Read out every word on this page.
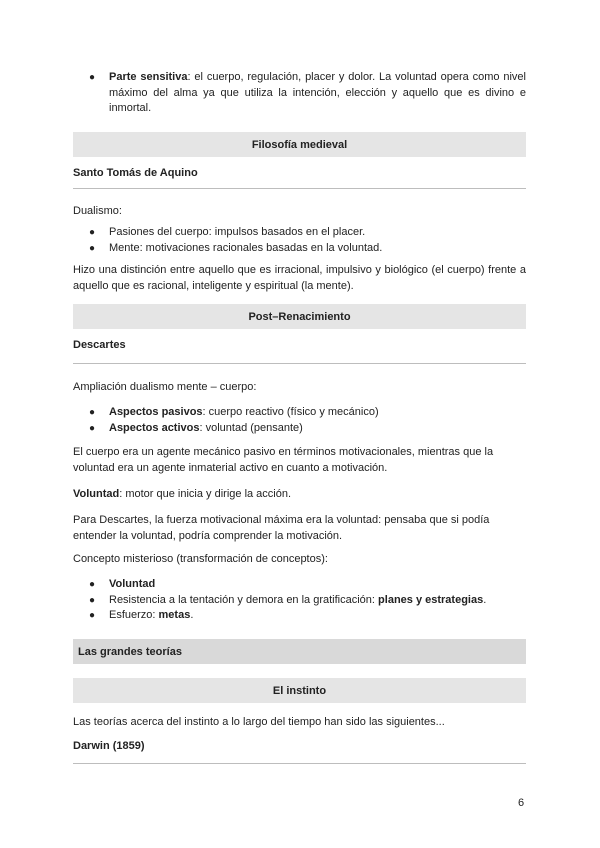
● Parte sensitiva: el cuerpo, regulación, placer y dolor. La voluntad opera como nivel máximo del alma ya que utiliza la intención, elección y aquello que es divino e inmortal.
Filosofía medieval
Santo Tomás de Aquino

Dualismo:

● Pasiones del cuerpo: impulsos basados en el placer.
● Mente: motivaciones racionales basadas en la voluntad.

Hizo una distinción entre aquello que es irracional, impulsivo y biológico (el cuerpo) frente a aquello que es racional, inteligente y espiritual (la mente).

Post–Renacimiento
Descartes

Ampliación dualismo mente – cuerpo:

● Aspectos pasivos: cuerpo reactivo (físico y mecánico)
● Aspectos activos: voluntad (pensante)

El cuerpo era un agente mecánico pasivo en términos motivacionales, mientras que la voluntad era un agente inmaterial activo en cuanto a motivación.

Voluntad: motor que inicia y dirige la acción.

Para Descartes, la fuerza motivacional máxima era la voluntad: pensaba que si podía entender la voluntad, podría comprender la motivación.

Concepto misterioso (transformación de conceptos):

● Voluntad
● Resistencia a la tentación y demora en la gratificación: planes y estrategias.
● Esfuerzo: metas.
Las grandes teorías
El instinto

Las teorías acerca del instinto a lo largo del tiempo han sido las siguientes...

Darwin (1859)
6
